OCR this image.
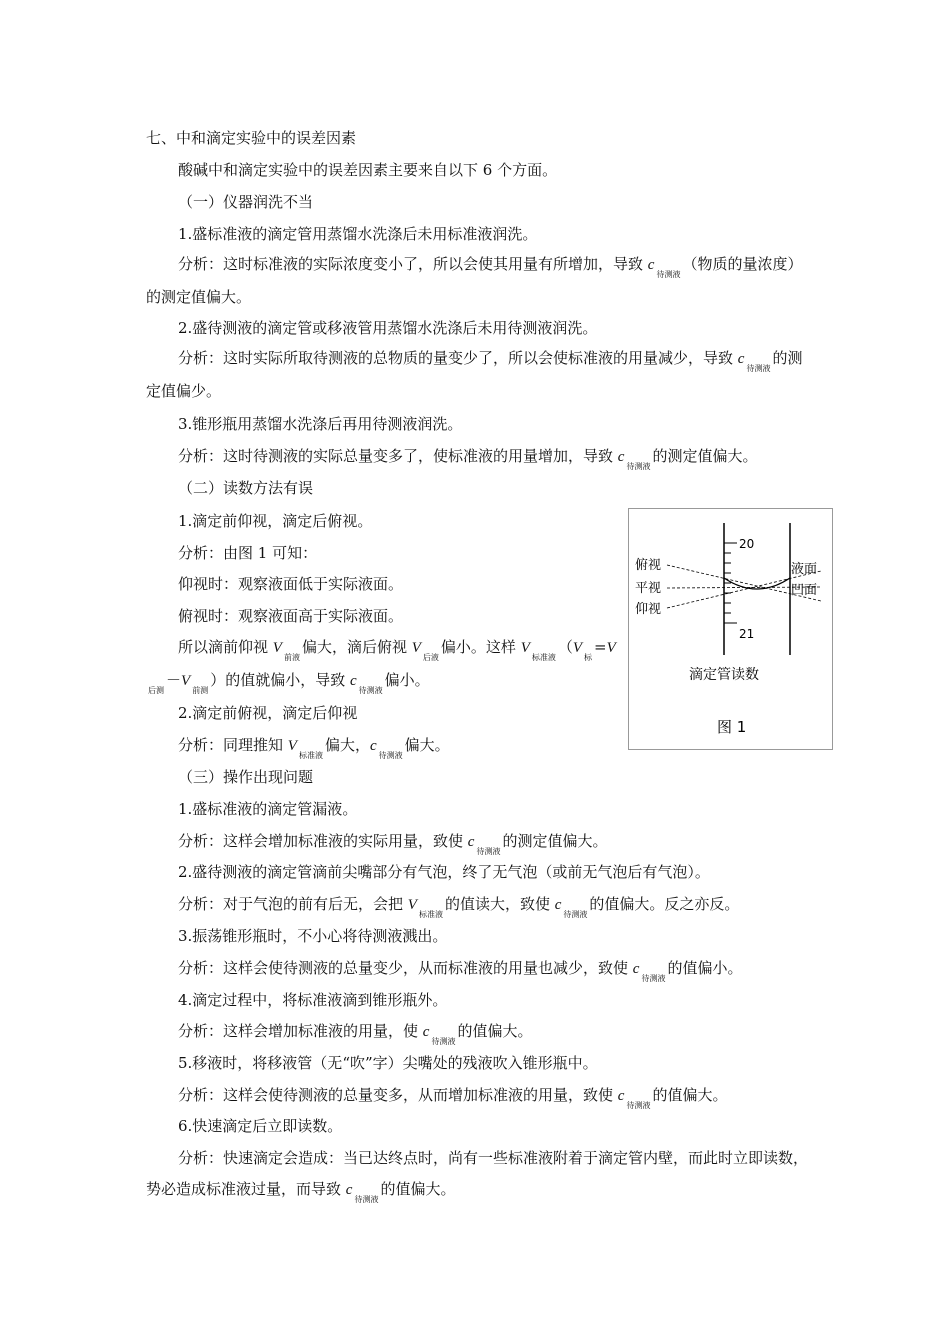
七、中和滴定实验中的误差因素
酸碱中和滴定实验中的误差因素主要来自以下 6 个方面。
（一）仪器润洗不当
1.盛标准液的滴定管用蒸馏水洗涤后未用标准液润洗。
分析：这时标准液的实际浓度变小了，所以会使其用量有所增加，导致 $c_{待测液}$（物质的量浓度）的测定值偏大。
2.盛待测液的滴定管或移液管用蒸馏水洗涤后未用待测液润洗。
分析：这时实际所取待测液的总物质的量变少了，所以会使标准液的用量减少，导致 $c_{待测液}$的测定值偏少。
3.锥形瓶用蒸馏水洗涤后再用待测液润洗。
分析：这时待测液的实际总量变多了，使标准液的用量增加，导致 $c_{待测液}$的测定值偏大。
（二）读数方法有误
1.滴定前仰视，滴定后俯视。
分析：由图 1 可知：
仰视时：观察液面低于实际液面。
俯视时：观察液面高于实际液面。
所以滴前仰视 $V_{前液}$偏大，滴后俯视 $V_{后液}$偏小。这样 $V_{标准液}(V_标=V_{后测}-V_{前测})$的值就偏小，导致 $c_{待测液}$偏小。
2.滴定前俯视，滴定后仰视
分析：同理推知 $V_{标准液}$偏大，$c_{待测液}$偏大。
（三）操作出现问题
1.盛标准液的滴定管漏液。
分析：这样会增加标准液的实际用量，致使 $c_{待测液}$的测定值偏大。
2.盛待测液的滴定管滴前尖嘴部分有气泡，终了无气泡（或前无气泡后有气泡）。
分析：对于气泡的前有后无，会把 $V_{标准液}$的值读大，致使 $c_{待测液}$的值偏大。反之亦反。
3.振荡锥形瓶时，不小心将待测液溅出。
分析：这样会使待测液的总量变少，从而标准液的用量也减少，致使 $c_{待测液}$的值偏小。
4.滴定过程中，将标准液滴到锥形瓶外。
分析：这样会增加标准液的用量，使 $c_{待测液}$的值偏大。
5.移液时，将移液管（无“吹”字）尖嘴处的残液吹入锥形瓶中。
分析：这样会使待测液的总量变多，从而增加标准液的用量，致使 $c_{待测液}$的值偏大。
6.快速滴定后立即读数。
分析：快速滴定会造成：当已达终点时，尚有一些标准液附着于滴定管内壁，而此时立即读数，势必造成标准液过量，而导致 $c_{待测液}$的值偏大。
20
21
俯视
平视
仰视
液面
凹面
滴定管读数
图 1
